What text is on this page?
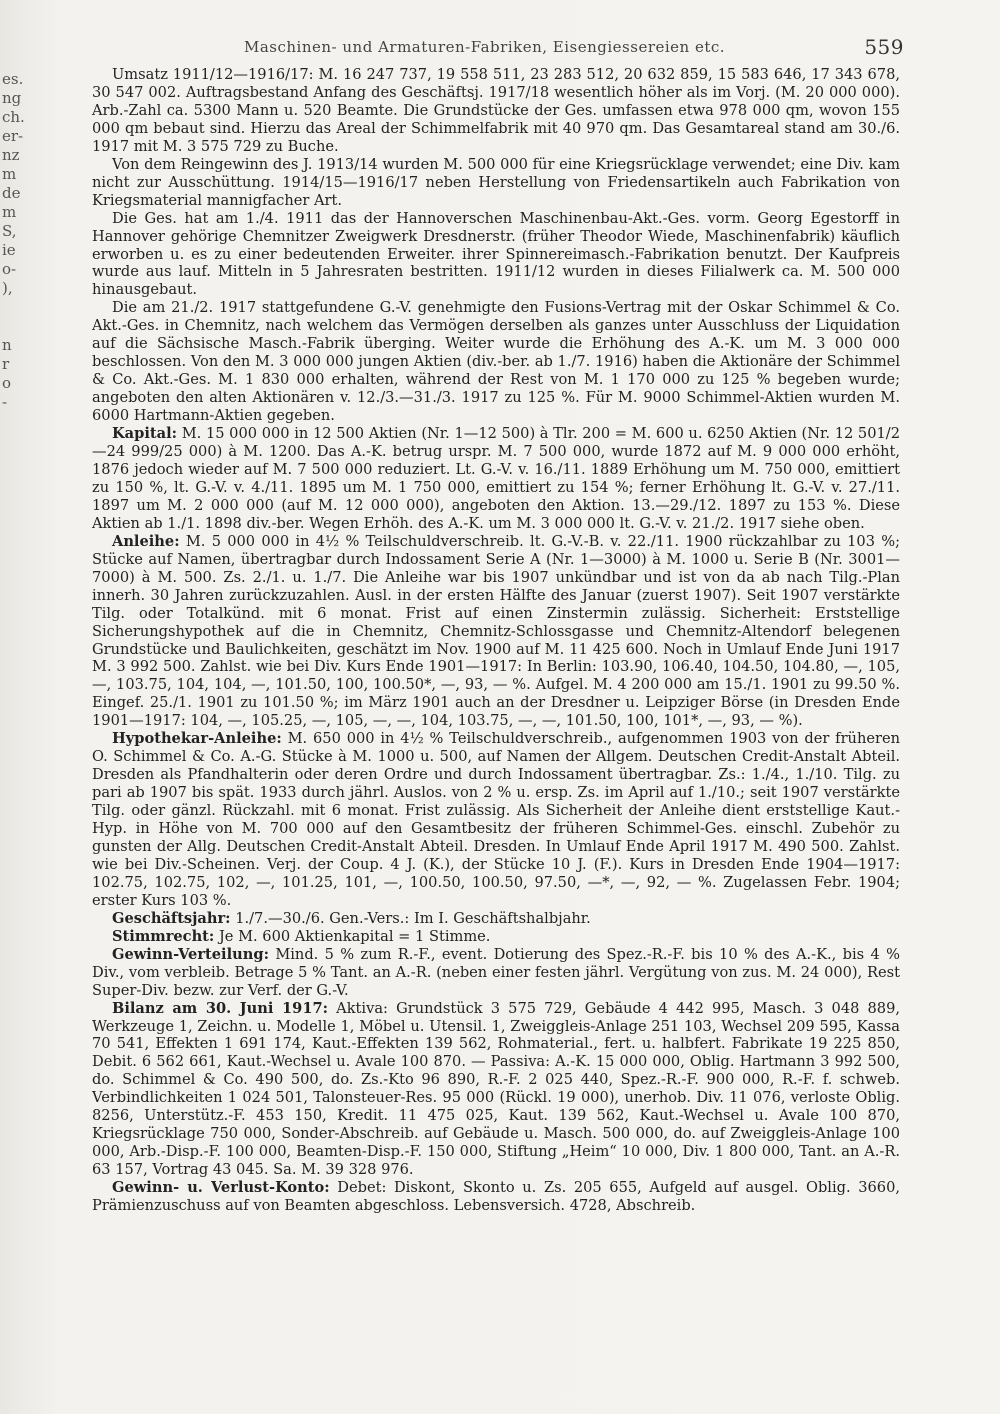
es.
ng
ch.
er-
nz
m
de
m
S,
ie
o-
),
n
r
o
-
Maschinen- und Armaturen-Fabriken, Eisengiessereien etc.	559

Umsatz 1911/12—1916/17: M. 16 247 737, 19 558 511, 23 283 512, 20 632 859, 15 583 646, 17 343 678, 30 547 002. Auftragsbestand Anfang des Geschäftsj. 1917/18 wesentlich höher als im Vorj. (M. 20 000 000). Arb.-Zahl ca. 5300 Mann u. 520 Beamte. Die Grundstücke der Ges. umfassen etwa 978 000 qm, wovon 155 000 qm bebaut sind. Hierzu das Areal der Schimmelfabrik mit 40 970 qm. Das Gesamtareal stand am 30./6. 1917 mit M. 3 575 729 zu Buche.

Von dem Reingewinn des J. 1913/14 wurden M. 500 000 für eine Kriegsrücklage verwendet; eine Div. kam nicht zur Ausschüttung. 1914/15—1916/17 neben Herstellung von Friedensartikeln auch Fabrikation von Kriegsmaterial mannigfacher Art.

Die Ges. hat am 1./4. 1911 das der Hannoverschen Maschinenbau-Akt.-Ges. vorm. Georg Egestorff in Hannover gehörige Chemnitzer Zweigwerk Dresdnerstr. (früher Theodor Wiede, Maschinenfabrik) käuflich erworben u. es zu einer bedeutenden Erweiter. ihrer Spinnereimasch.-Fabrikation benutzt. Der Kaufpreis wurde aus lauf. Mitteln in 5 Jahresraten bestritten. 1911/12 wurden in dieses Filialwerk ca. M. 500 000 hinausgebaut.

Die am 21./2. 1917 stattgefundene G.-V. genehmigte den Fusions-Vertrag mit der Oskar Schimmel & Co. Akt.-Ges. in Chemnitz, nach welchem das Vermögen derselben als ganzes unter Ausschluss der Liquidation auf die Sächsische Masch.-Fabrik überging. Weiter wurde die Erhöhung des A.-K. um M. 3 000 000 beschlossen. Von den M. 3 000 000 jungen Aktien (div.-ber. ab 1./7. 1916) haben die Aktionäre der Schimmel & Co. Akt.-Ges. M. 1 830 000 erhalten, während der Rest von M. 1 170 000 zu 125 % begeben wurde; angeboten den alten Aktionären v. 12./3.—31./3. 1917 zu 125 %. Für M. 9000 Schimmel-Aktien wurden M. 6000 Hartmann-Aktien gegeben.

Kapital: M. 15 000 000 in 12 500 Aktien (Nr. 1—12 500) à Tlr. 200 = M. 600 u. 6250 Aktien (Nr. 12 501/2—24 999/25 000) à M. 1200. Das A.-K. betrug urspr. M. 7 500 000, wurde 1872 auf M. 9 000 000 erhöht, 1876 jedoch wieder auf M. 7 500 000 reduziert. Lt. G.-V. v. 16./11. 1889 Erhöhung um M. 750 000, emittiert zu 150 %, lt. G.-V. v. 4./11. 1895 um M. 1 750 000, emittiert zu 154 %; ferner Erhöhung lt. G.-V. v. 27./11. 1897 um M. 2 000 000 (auf M. 12 000 000), angeboten den Aktion. 13.—29./12. 1897 zu 153 %. Diese Aktien ab 1./1. 1898 div.-ber. Wegen Erhöh. des A.-K. um M. 3 000 000 lt. G.-V. v. 21./2. 1917 siehe oben.

Anleihe: M. 5 000 000 in 4½ % Teilschuldverschreib. lt. G.-V.-B. v. 22./11. 1900 rückzahlbar zu 103 %; Stücke auf Namen, übertragbar durch Indossament Serie A (Nr. 1—3000) à M. 1000 u. Serie B (Nr. 3001—7000) à M. 500. Zs. 2./1. u. 1./7. Die Anleihe war bis 1907 unkündbar und ist von da ab nach Tilg.-Plan innerh. 30 Jahren zurückzuzahlen. Ausl. in der ersten Hälfte des Januar (zuerst 1907). Seit 1907 verstärkte Tilg. oder Totalkünd. mit 6 monat. Frist auf einen Zinstermin zulässig. Sicherheit: Erststellige Sicherungshypothek auf die in Chemnitz, Chemnitz-Schlossgasse und Chemnitz-Altendorf belegenen Grundstücke und Baulichkeiten, geschätzt im Nov. 1900 auf M. 11 425 600. Noch in Umlauf Ende Juni 1917 M. 3 992 500. Zahlst. wie bei Div. Kurs Ende 1901—1917: In Berlin: 103.90, 106.40, 104.50, 104.80, —, 105, —, 103.75, 104, 104, —, 101.50, 100, 100.50*, —, 93, — %. Aufgel. M. 4 200 000 am 15./1. 1901 zu 99.50 %. Eingef. 25./1. 1901 zu 101.50 %; im März 1901 auch an der Dresdner u. Leipziger Börse (in Dresden Ende 1901—1917: 104, —, 105.25, —, 105, —, —, 104, 103.75, —, —, 101.50, 100, 101*, —, 93, — %).

Hypothekar-Anleihe: M. 650 000 in 4½ % Teilschuldverschreib., aufgenommen 1903 von der früheren O. Schimmel & Co. A.-G. Stücke à M. 1000 u. 500, auf Namen der Allgem. Deutschen Credit-Anstalt Abteil. Dresden als Pfandhalterin oder deren Ordre und durch Indossament übertragbar. Zs.: 1./4., 1./10. Tilg. zu pari ab 1907 bis spät. 1933 durch jährl. Auslos. von 2 % u. ersp. Zs. im April auf 1./10.; seit 1907 verstärkte Tilg. oder gänzl. Rückzahl. mit 6 monat. Frist zulässig. Als Sicherheit der Anleihe dient erststellige Kaut.-Hyp. in Höhe von M. 700 000 auf den Gesamtbesitz der früheren Schimmel-Ges. einschl. Zubehör zu gunsten der Allg. Deutschen Credit-Anstalt Abteil. Dresden. In Umlauf Ende April 1917 M. 490 500. Zahlst. wie bei Div.-Scheinen. Verj. der Coup. 4 J. (K.), der Stücke 10 J. (F.). Kurs in Dresden Ende 1904—1917: 102.75, 102.75, 102, —, 101.25, 101, —, 100.50, 100.50, 97.50, —*, —, 92, — %. Zugelassen Febr. 1904; erster Kurs 103 %.

Geschäftsjahr: 1./7.—30./6. Gen.-Vers.: Im I. Geschäftshalbjahr.

Stimmrecht: Je M. 600 Aktienkapital = 1 Stimme.

Gewinn-Verteilung: Mind. 5 % zum R.-F., event. Dotierung des Spez.-R.-F. bis 10 % des A.-K., bis 4 % Div., vom verbleib. Betrage 5 % Tant. an A.-R. (neben einer festen jährl. Vergütung von zus. M. 24 000), Rest Super-Div. bezw. zur Verf. der G.-V.

Bilanz am 30. Juni 1917: Aktiva: Grundstück 3 575 729, Gebäude 4 442 995, Masch. 3 048 889, Werkzeuge 1, Zeichn. u. Modelle 1, Möbel u. Utensil. 1, Zweiggleis-Anlage 251 103, Wechsel 209 595, Kassa 70 541, Effekten 1 691 174, Kaut.-Effekten 139 562, Rohmaterial., fert. u. halbfert. Fabrikate 19 225 850, Debit. 6 562 661, Kaut.-Wechsel u. Avale 100 870. — Passiva: A.-K. 15 000 000, Oblig. Hartmann 3 992 500, do. Schimmel & Co. 490 500, do. Zs.-Kto 96 890, R.-F. 2 025 440, Spez.-R.-F. 900 000, R.-F. f. schweb. Verbindlichkeiten 1 024 501, Talonsteuer-Res. 95 000 (Rückl. 19 000), unerhob. Div. 11 076, verloste Oblig. 8256, Unterstütz.-F. 453 150, Kredit. 11 475 025, Kaut. 139 562, Kaut.-Wechsel u. Avale 100 870, Kriegsrücklage 750 000, Sonder-Abschreib. auf Gebäude u. Masch. 500 000, do. auf Zweiggleis-Anlage 100 000, Arb.-Disp.-F. 100 000, Beamten-Disp.-F. 150 000, Stiftung „Heim“ 10 000, Div. 1 800 000, Tant. an A.-R. 63 157, Vortrag 43 045. Sa. M. 39 328 976.

Gewinn- u. Verlust-Konto: Debet: Diskont, Skonto u. Zs. 205 655, Aufgeld auf ausgel. Oblig. 3660, Prämienzuschuss auf von Beamten abgeschloss. Lebensversich. 4728, Abschreib.
